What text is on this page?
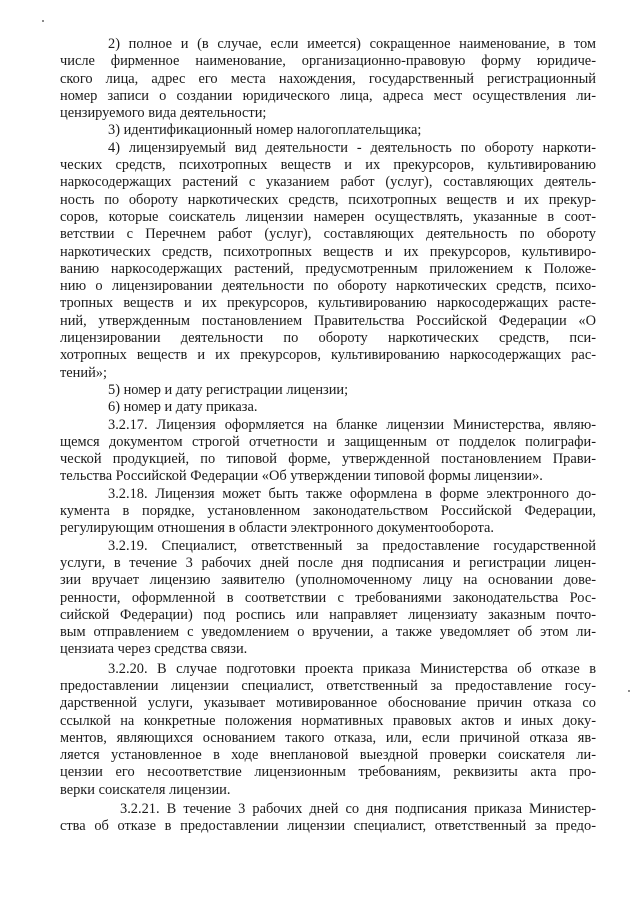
2) полное и (в случае, если имеется) сокращенное наименование, в том
числе фирменное наименование, организационно-правовую форму юридиче-
ского лица, адрес его места нахождения, государственный регистрационный
номер записи о создании юридического лица, адреса мест осуществления ли-
цензируемого вида деятельности;
3) идентификационный номер налогоплательщика;
4) лицензируемый вид деятельности - деятельность по обороту наркоти-
ческих средств, психотропных веществ и их прекурсоров, культивированию
наркосодержащих растений с указанием работ (услуг), составляющих деятель-
ность по обороту наркотических средств, психотропных веществ и их прекур-
соров, которые соискатель лицензии намерен осуществлять, указанные в соот-
ветствии с Перечнем работ (услуг), составляющих деятельность по обороту
наркотических средств, психотропных веществ и их прекурсоров, культивиро-
ванию наркосодержащих растений, предусмотренным приложением к Положе-
нию о лицензировании деятельности по обороту наркотических средств, психо-
тропных веществ и их прекурсоров, культивированию наркосодержащих расте-
ний, утвержденным постановлением Правительства Российской Федерации «О
лицензировании деятельности по обороту наркотических средств, пси-
хотропных веществ и их прекурсоров, культивированию наркосодержащих рас-
тений»;
5) номер и дату регистрации лицензии;
6) номер и дату приказа.
3.2.17. Лицензия оформляется на бланке лицензии Министерства, являю-
щемся документом строгой отчетности и защищенным от подделок полиграфи-
ческой продукцией, по типовой форме, утвержденной постановлением Прави-
тельства Российской Федерации «Об утверждении типовой формы лицензии».
3.2.18. Лицензия может быть также оформлена в форме электронного до-
кумента в порядке, установленном законодательством Российской Федерации,
регулирующим отношения в области электронного документооборота.
3.2.19. Специалист, ответственный за предоставление государственной
услуги, в течение 3 рабочих дней после дня подписания и регистрации лицен-
зии вручает лицензию заявителю (уполномоченному лицу на основании дове-
ренности, оформленной в соответствии с требованиями законодательства Рос-
сийской Федерации) под роспись или направляет лицензиату заказным почто-
вым отправлением с уведомлением о вручении, а также уведомляет об этом ли-
цензиата через средства связи.
3.2.20. В случае подготовки проекта приказа Министерства об отказе в
предоставлении лицензии специалист, ответственный за предоставление госу-
дарственной услуги, указывает мотивированное обоснование причин отказа со
ссылкой на конкретные положения нормативных правовых актов и иных доку-
ментов, являющихся основанием такого отказа, или, если причиной отказа яв-
ляется установленное в ходе внеплановой выездной проверки соискателя ли-
цензии его несоответствие лицензионным требованиям, реквизиты акта про-
верки соискателя лицензии.
3.2.21. В течение 3 рабочих дней со дня подписания приказа Министер-
ства об отказе в предоставлении лицензии специалист, ответственный за предо-
